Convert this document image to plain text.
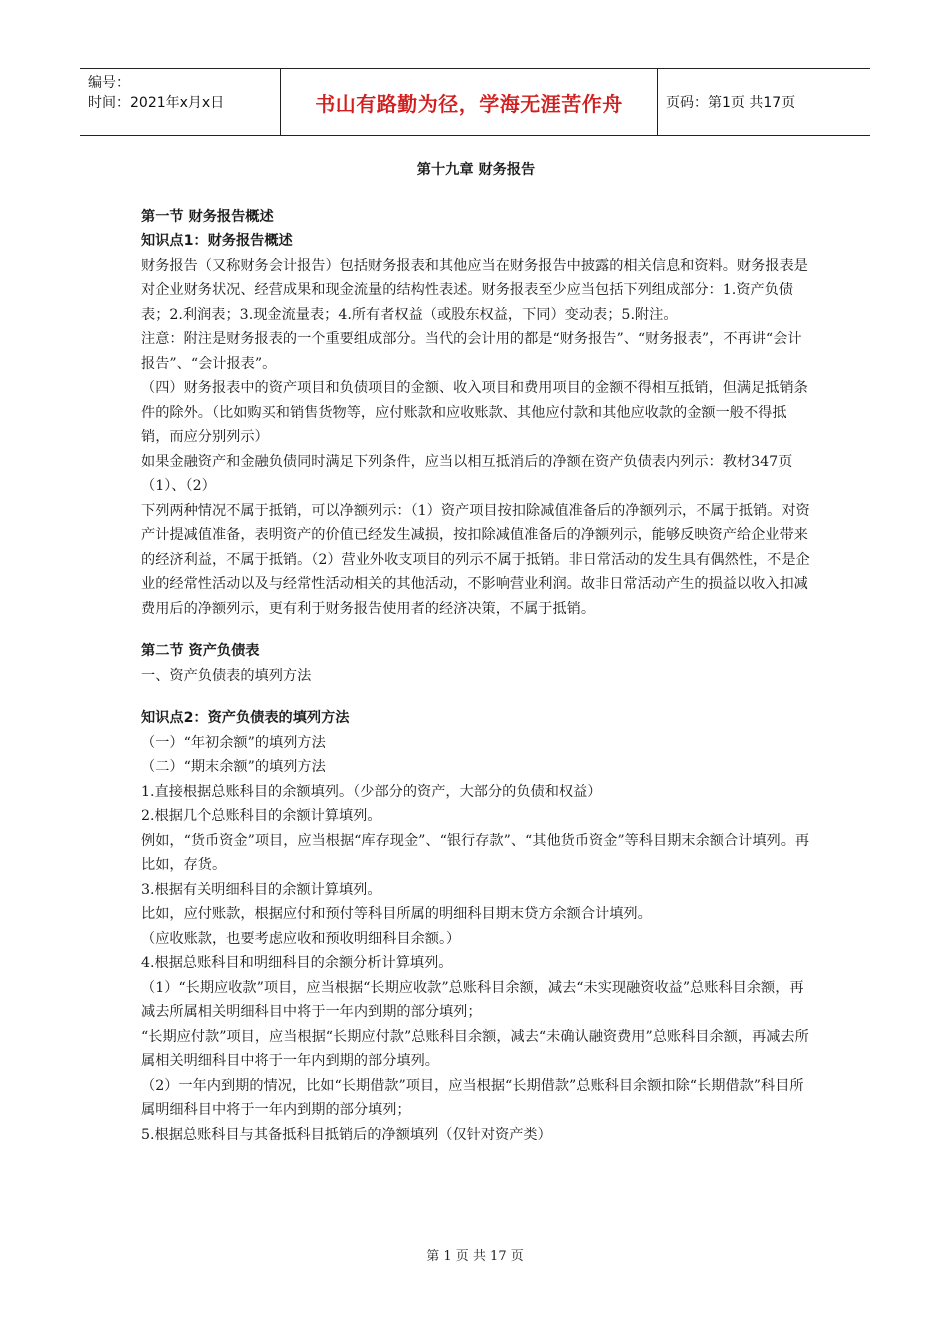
编号：
时间：2021年x月x日	书山有路勤为径，学海无涯苦作舟	页码：第1页 共17页

第十九章 财务报告

第一节 财务报告概述

知识点1：财务报告概述

财务报告（又称财务会计报告）包括财务报表和其他应当在财务报告中披露的相关信息和资料。财务报表是对企业财务状况、经营成果和现金流量的结构性表述。财务报表至少应当包括下列组成部分：1.资产负债表；2.利润表；3.现金流量表；4.所有者权益（或股东权益，下同）变动表；5.附注。

注意：附注是财务报表的一个重要组成部分。当代的会计用的都是“财务报告”、“财务报表”，不再讲“会计报告”、“会计报表”。

（四）财务报表中的资产项目和负债项目的金额、收入项目和费用项目的金额不得相互抵销，但满足抵销条件的除外。（比如购买和销售货物等，应付账款和应收账款、其他应付款和其他应收款的金额一般不得抵销，而应分别列示）

如果金融资产和金融负债同时满足下列条件，应当以相互抵消后的净额在资产负债表内列示：教材347页（1）、（2）

下列两种情况不属于抵销，可以净额列示：（1）资产项目按扣除减值准备后的净额列示，不属于抵销。对资产计提减值准备，表明资产的价值已经发生减损，按扣除减值准备后的净额列示，能够反映资产给企业带来的经济利益，不属于抵销。（2）营业外收支项目的列示不属于抵销。非日常活动的发生具有偶然性，不是企业的经常性活动以及与经常性活动相关的其他活动，不影响营业利润。故非日常活动产生的损益以收入扣减费用后的净额列示，更有利于财务报告使用者的经济决策，不属于抵销。

第二节 资产负债表

一、资产负债表的填列方法

知识点2：资产负债表的填列方法

（一）“年初余额”的填列方法

（二）“期末余额”的填列方法

1.直接根据总账科目的余额填列。（少部分的资产，大部分的负债和权益）

2.根据几个总账科目的余额计算填列。

例如，“货币资金”项目，应当根据“库存现金”、“银行存款”、“其他货币资金”等科目期末余额合计填列。再比如，存货。

3.根据有关明细科目的余额计算填列。

比如，应付账款，根据应付和预付等科目所属的明细科目期末贷方余额合计填列。

（应收账款，也要考虑应收和预收明细科目余额。）

4.根据总账科目和明细科目的余额分析计算填列。

（1）“长期应收款”项目，应当根据“长期应收款”总账科目余额，减去“未实现融资收益”总账科目余额，再减去所属相关明细科目中将于一年内到期的部分填列；

“长期应付款”项目，应当根据“长期应付款”总账科目余额，减去“未确认融资费用”总账科目余额，再减去所属相关明细科目中将于一年内到期的部分填列。

（2）一年内到期的情况，比如“长期借款”项目，应当根据“长期借款”总账科目余额扣除“长期借款”科目所属明细科目中将于一年内到期的部分填列；

5.根据总账科目与其备抵科目抵销后的净额填列（仅针对资产类）

第 1 页 共 17 页
